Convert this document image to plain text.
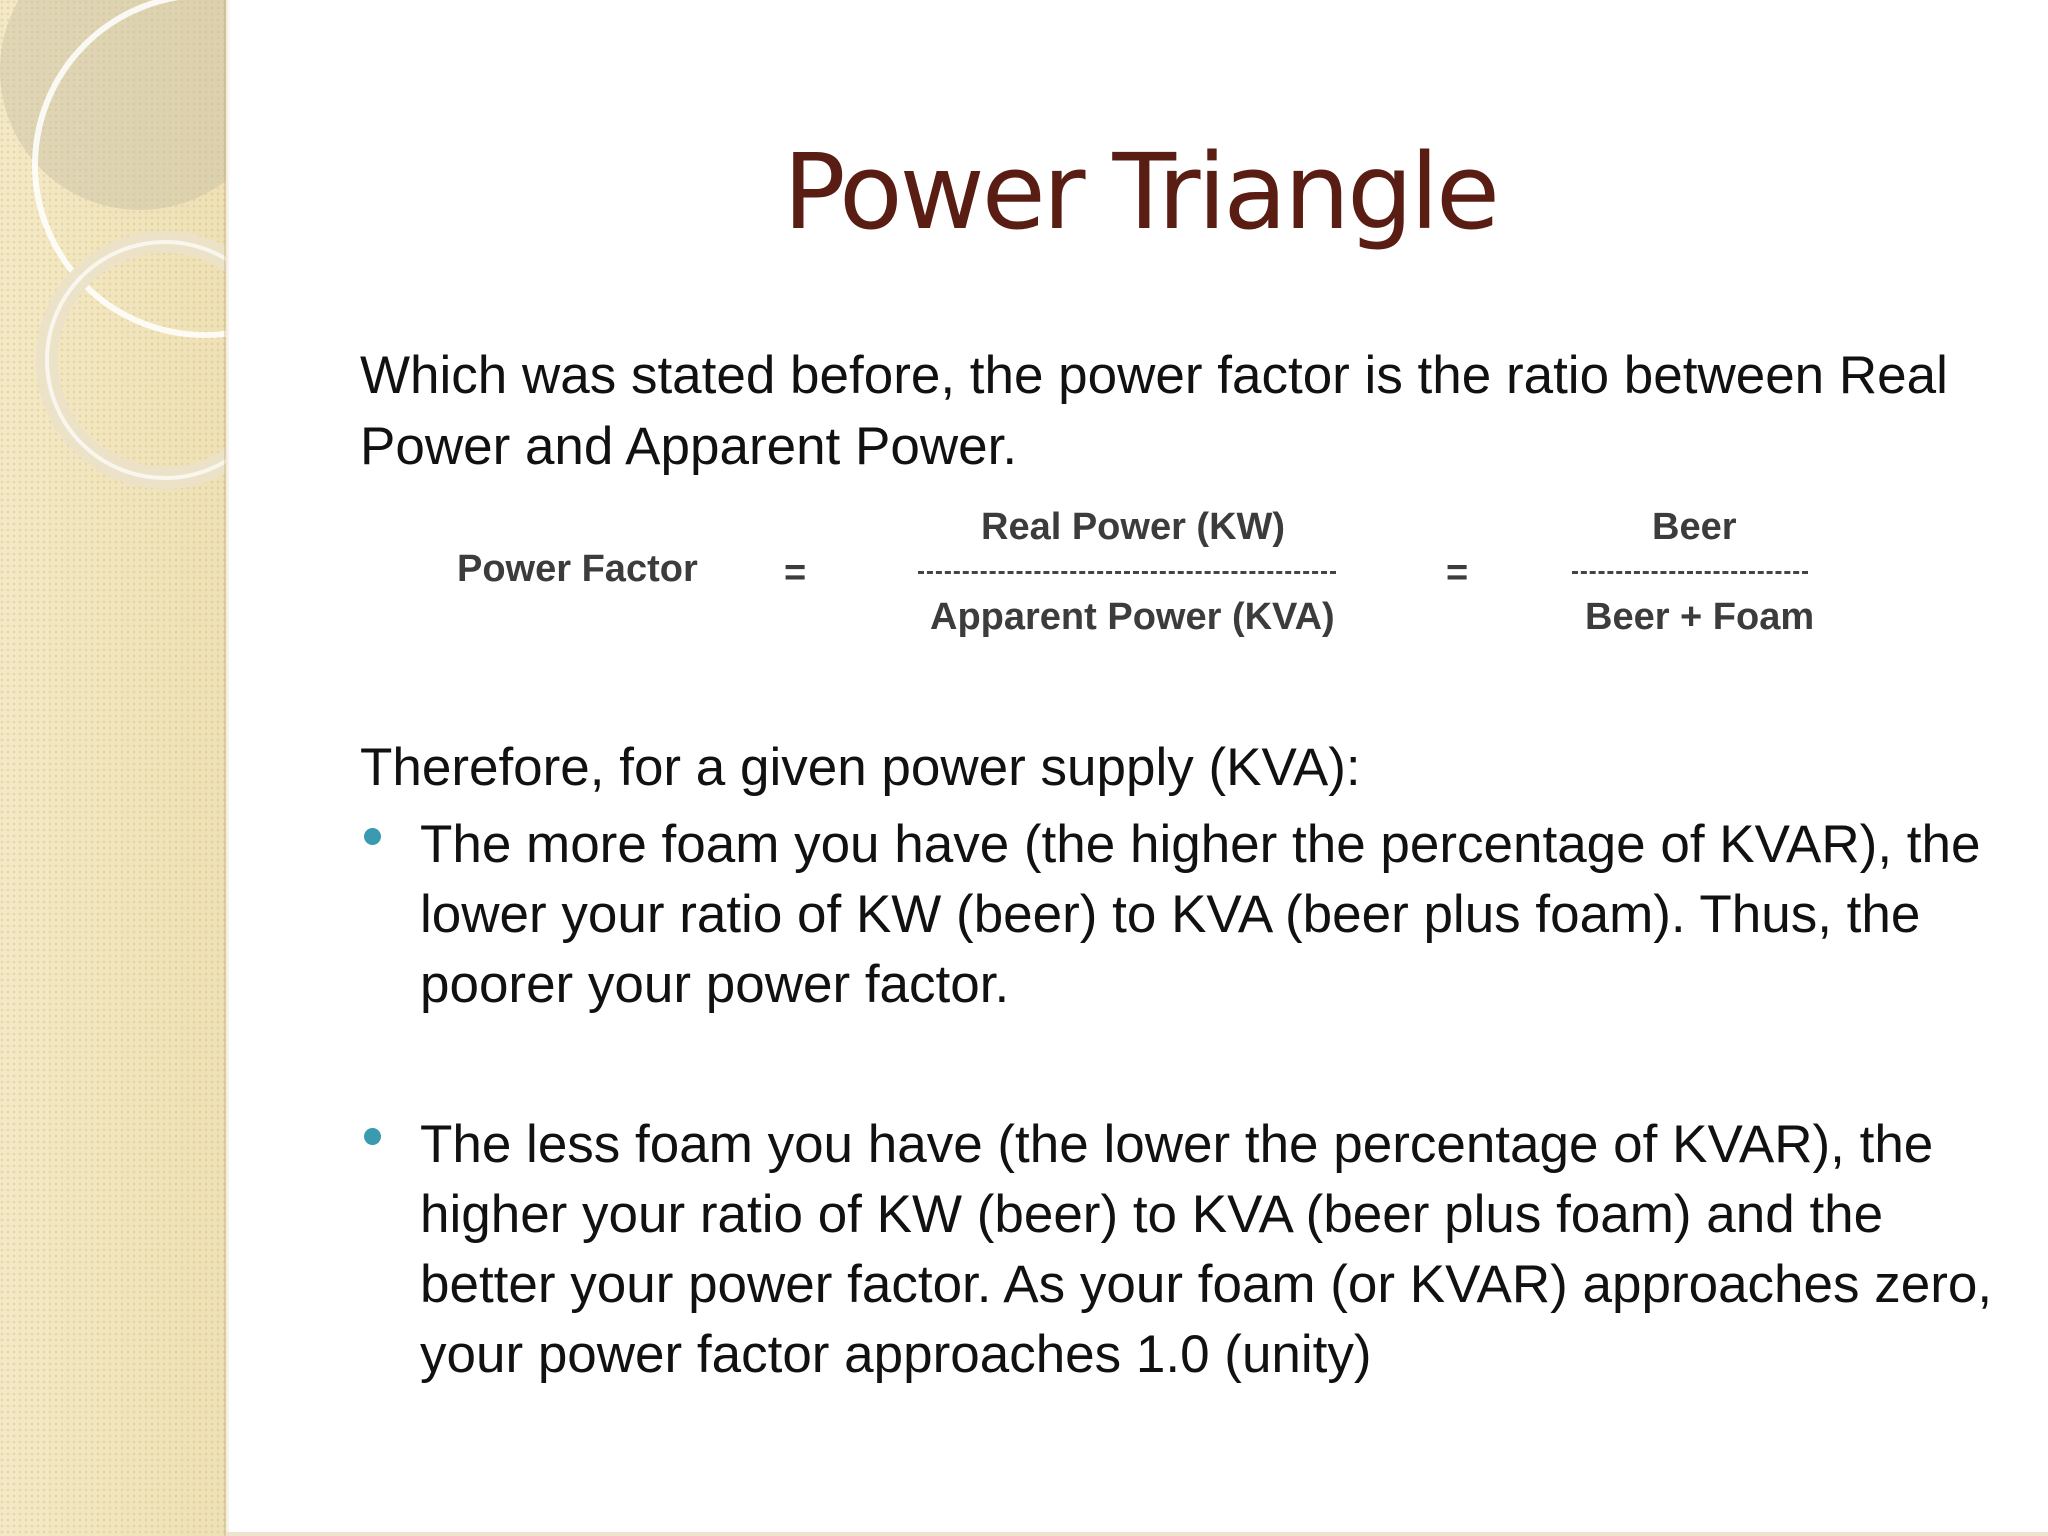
Power Triangle
Which was stated before, the power factor is the ratio between Real Power and Apparent Power.
Power Factor =
Real Power (KW)
Apparent Power (KVA)
=
Beer
Beer + Foam
Therefore, for a given power supply (KVA):
The more foam you have (the higher the percentage of KVAR), the lower your ratio of KW (beer) to KVA (beer plus foam). Thus, the poorer your power factor.
The less foam you have (the lower the percentage of KVAR), the higher your ratio of KW (beer) to KVA (beer plus foam) and the better your power factor. As your foam (or KVAR) approaches zero, your power factor approaches 1.0 (unity)
